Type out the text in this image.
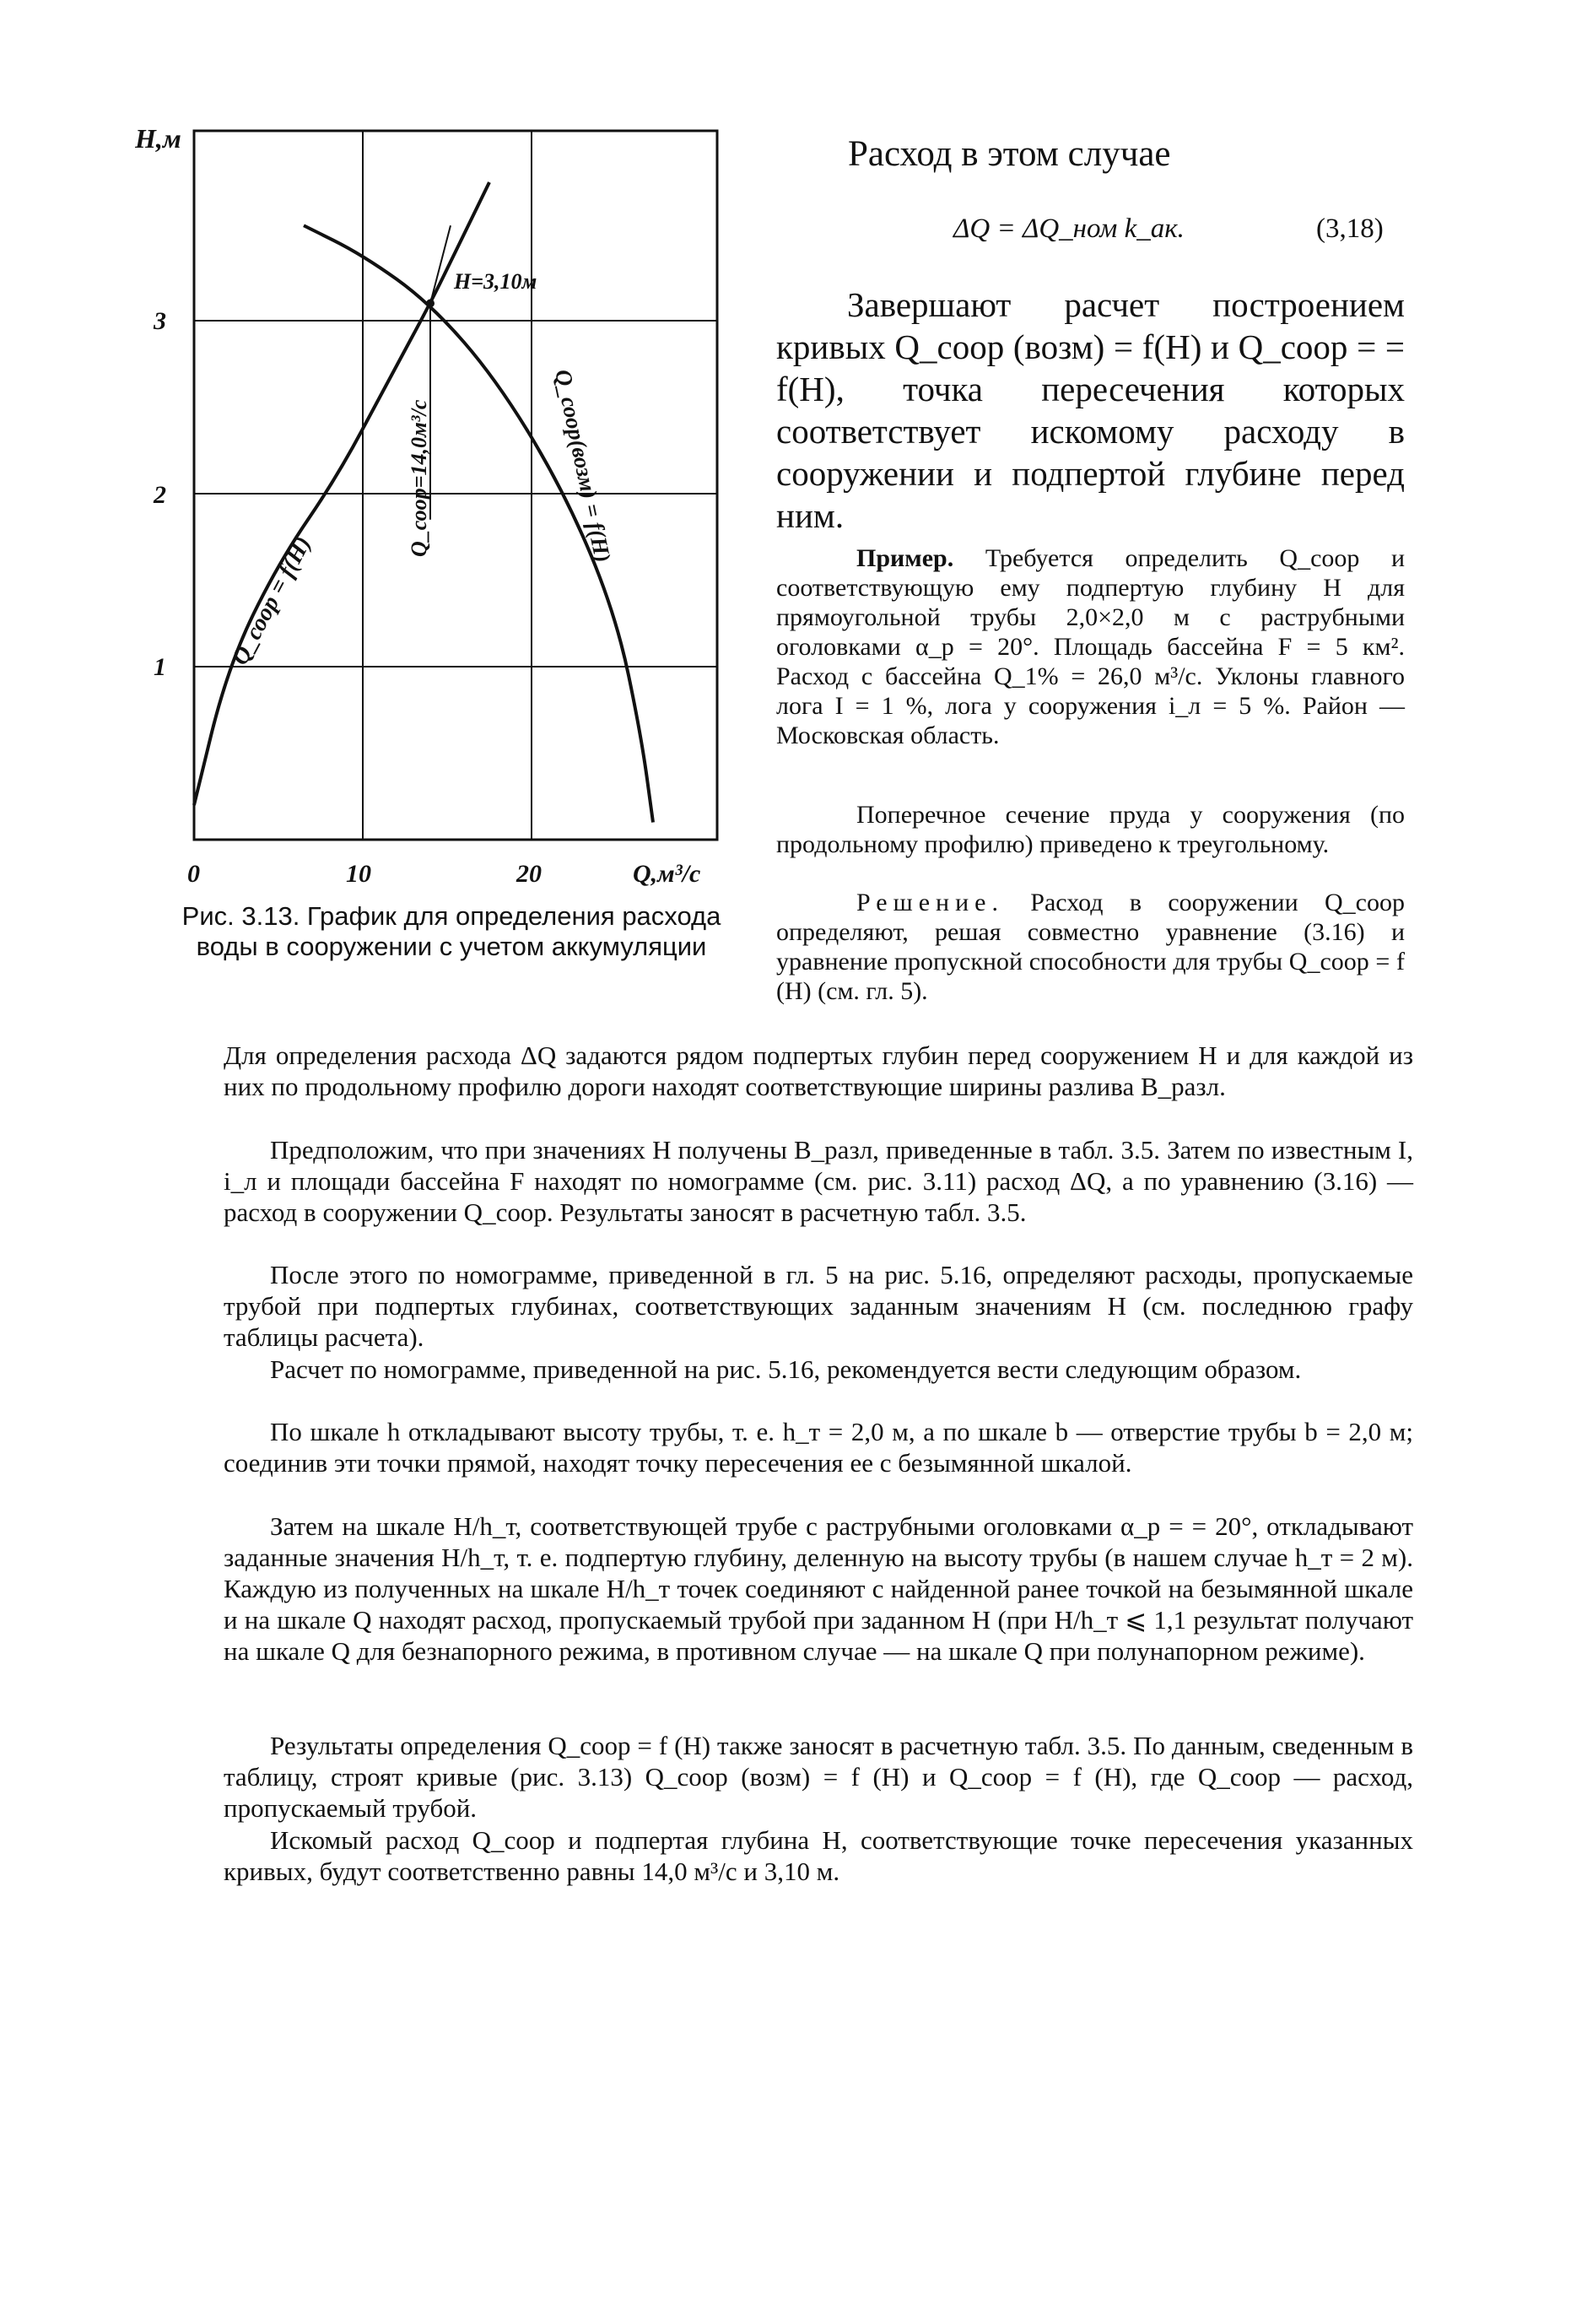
Н,м
3
2
1
0	10	20	Q,м³/с
H=3,10м
Q_соор=14,0м³/с
Q_соор = f(H)
Q_соор(возм) = f(H)

Рис. 3.13. График для определения расхода воды в сооружении с учетом аккумуляции

Расход в этом случае
ΔQ = ΔQ_ном k_ак.	(3,18)

Завершают расчет построением кривых Q_соор (возм) = f(H) и Q_соор = = f(H), точка пересечения которых соответствует искомому расходу в сооружении и подпертой глубине перед ним.

Пример. Требуется определить Q_соор и соответствующую ему подпертую глубину H для прямоугольной трубы 2,0×2,0 м с раструбными оголовками α_р = 20°. Площадь бассейна F = 5 км². Расход с бассейна Q_1% = 26,0 м³/с. Уклоны главного лога I = 1 %, лога у сооружения i_л = 5 %. Район — Московская область.

Поперечное сечение пруда у сооружения (по продольному профилю) приведено к треугольному.

Решение. Расход в сооружении Q_соор определяют, решая совместно уравнение (3.16) и уравнение пропускной способности для трубы Q_соор = f (H) (см. гл. 5).

Для определения расхода ΔQ задаются рядом подпертых глубин перед сооружением H и для каждой из них по продольному профилю дороги находят соответствующие ширины разлива B_разл.

Предположим, что при значениях H получены B_разл, приведенные в табл. 3.5. Затем по известным I, i_л и площади бассейна F находят по номограмме (см. рис. 3.11) расход ΔQ, а по уравнению (3.16) — расход в сооружении Q_соор. Результаты заносят в расчетную табл. 3.5.

После этого по номограмме, приведенной в гл. 5 на рис. 5.16, определяют расходы, пропускаемые трубой при подпертых глубинах, соответствующих заданным значениям H (см. последнюю графу таблицы расчета).

Расчет по номограмме, приведенной на рис. 5.16, рекомендуется вести следующим образом.

По шкале h откладывают высоту трубы, т. е. h_т = 2,0 м, а по шкале b — отверстие трубы b = 2,0 м; соединив эти точки прямой, находят точку пересечения ее с безымянной шкалой.

Затем на шкале H/h_т, соответствующей трубе с раструбными оголовками α_р = = 20°, откладывают заданные значения H/h_т, т. е. подпертую глубину, деленную на высоту трубы (в нашем случае h_т = 2 м). Каждую из полученных на шкале H/h_т точек соединяют с найденной ранее точкой на безымянной шкале и на шкале Q находят расход, пропускаемый трубой при заданном H (при H/h_т ⩽ 1,1 результат получают на шкале Q для безнапорного режима, в противном случае — на шкале Q при полунапорном режиме).

Результаты определения Q_соор = f (H) также заносят в расчетную табл. 3.5. По данным, сведенным в таблицу, строят кривые (рис. 3.13) Q_соор (возм) = f (H) и Q_соор = f (H), где Q_соор — расход, пропускаемый трубой.

Искомый расход Q_соор и подпертая глубина H, соответствующие точке пересечения указанных кривых, будут соответственно равны 14,0 м³/с и 3,10 м.
